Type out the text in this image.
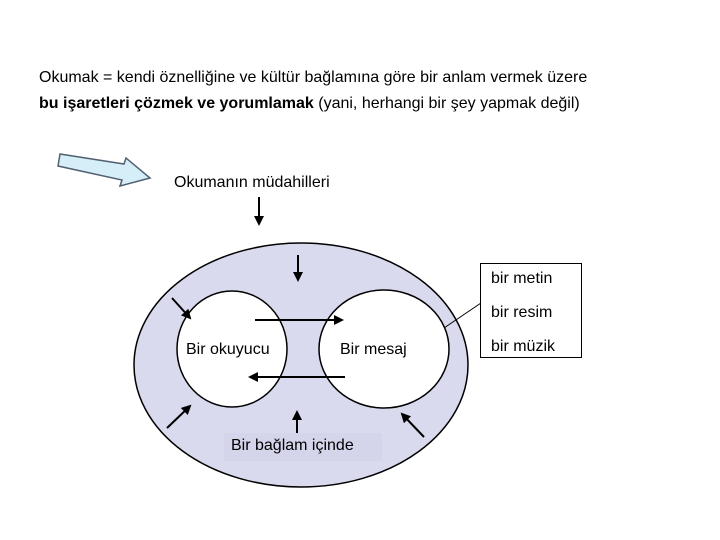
Okumak = kendi öznelliğine ve kültür bağlamına göre bir anlam vermek üzere
bu işaretleri çözmek ve yorumlamak (yani, herhangi bir şey yapmak değil)
Okumanın müdahilleri
Bir okuyucu	Bir mesaj
Bir bağlam içinde
bir metin
bir resim
bir müzik
